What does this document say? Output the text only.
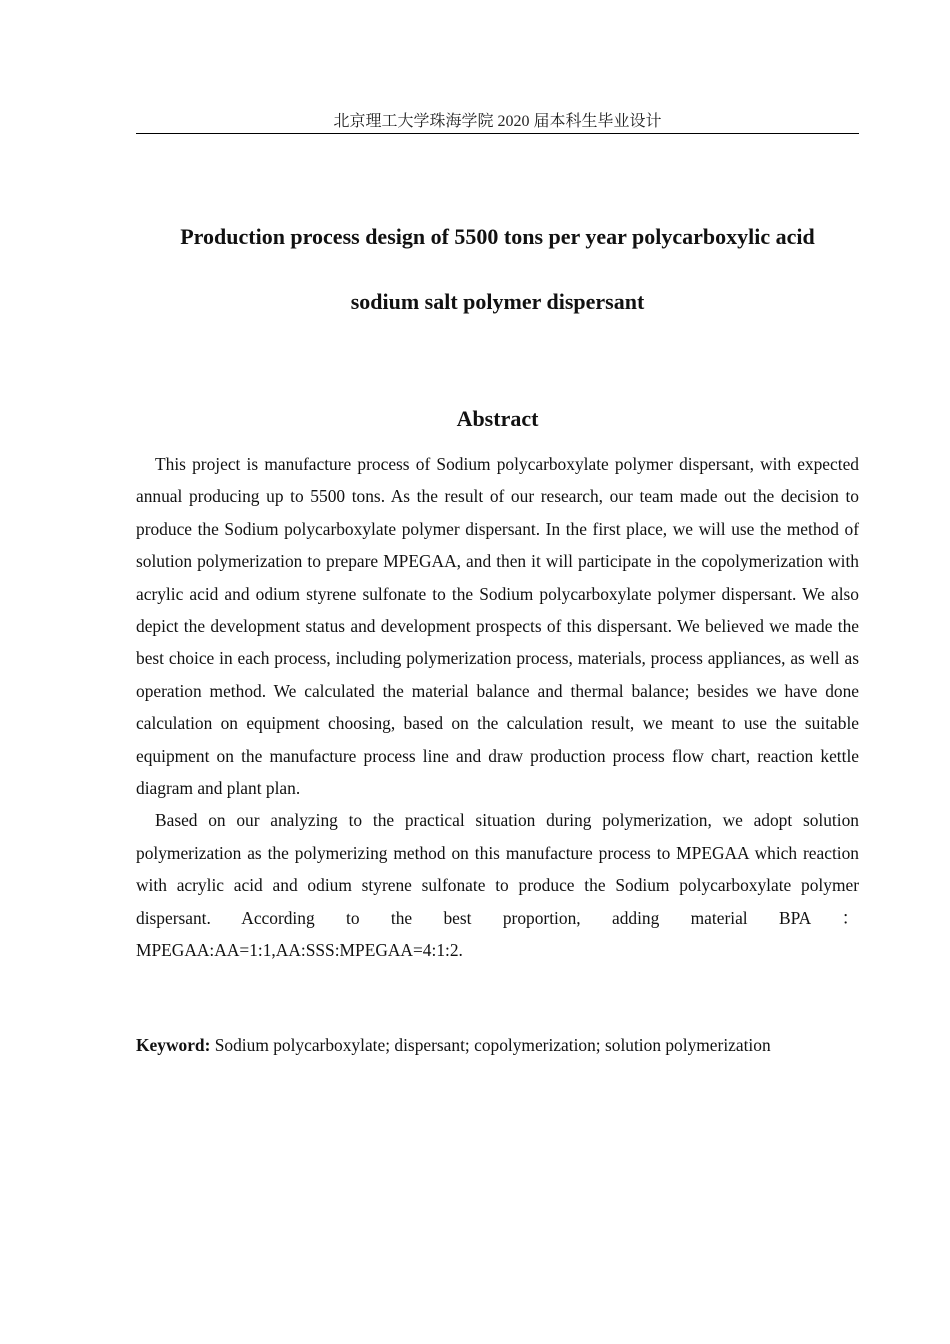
北京理工大学珠海学院 2020 届本科生毕业设计
Production process design of 5500 tons per year polycarboxylic acid
sodium salt polymer dispersant
Abstract

This project is manufacture process of Sodium polycarboxylate polymer dispersant, with expected annual producing up to 5500 tons. As the result of our research, our team made out the decision to produce the Sodium polycarboxylate polymer dispersant. In the first place, we will use the method of solution polymerization to prepare MPEGAA, and then it will participate in the copolymerization with acrylic acid and odium styrene sulfonate to the Sodium polycarboxylate polymer dispersant. We also depict the development status and development prospects of this dispersant. We believed we made the best choice in each process, including polymerization process, materials, process appliances, as well as operation method. We calculated the material balance and thermal balance; besides we have done calculation on equipment choosing, based on the calculation result, we meant to use the suitable equipment on the manufacture process line and draw production process flow chart, reaction kettle diagram and plant plan.

Based on our analyzing to the practical situation during polymerization, we adopt solution polymerization as the polymerizing method on this manufacture process to MPEGAA which reaction with acrylic acid and odium styrene sulfonate to produce the Sodium polycarboxylate polymer dispersant. According to the best proportion, adding material BPA ： MPEGAA:AA=1:1,AA:SSS:MPEGAA=4:1:2.

Keyword: Sodium polycarboxylate; dispersant; copolymerization; solution polymerization
